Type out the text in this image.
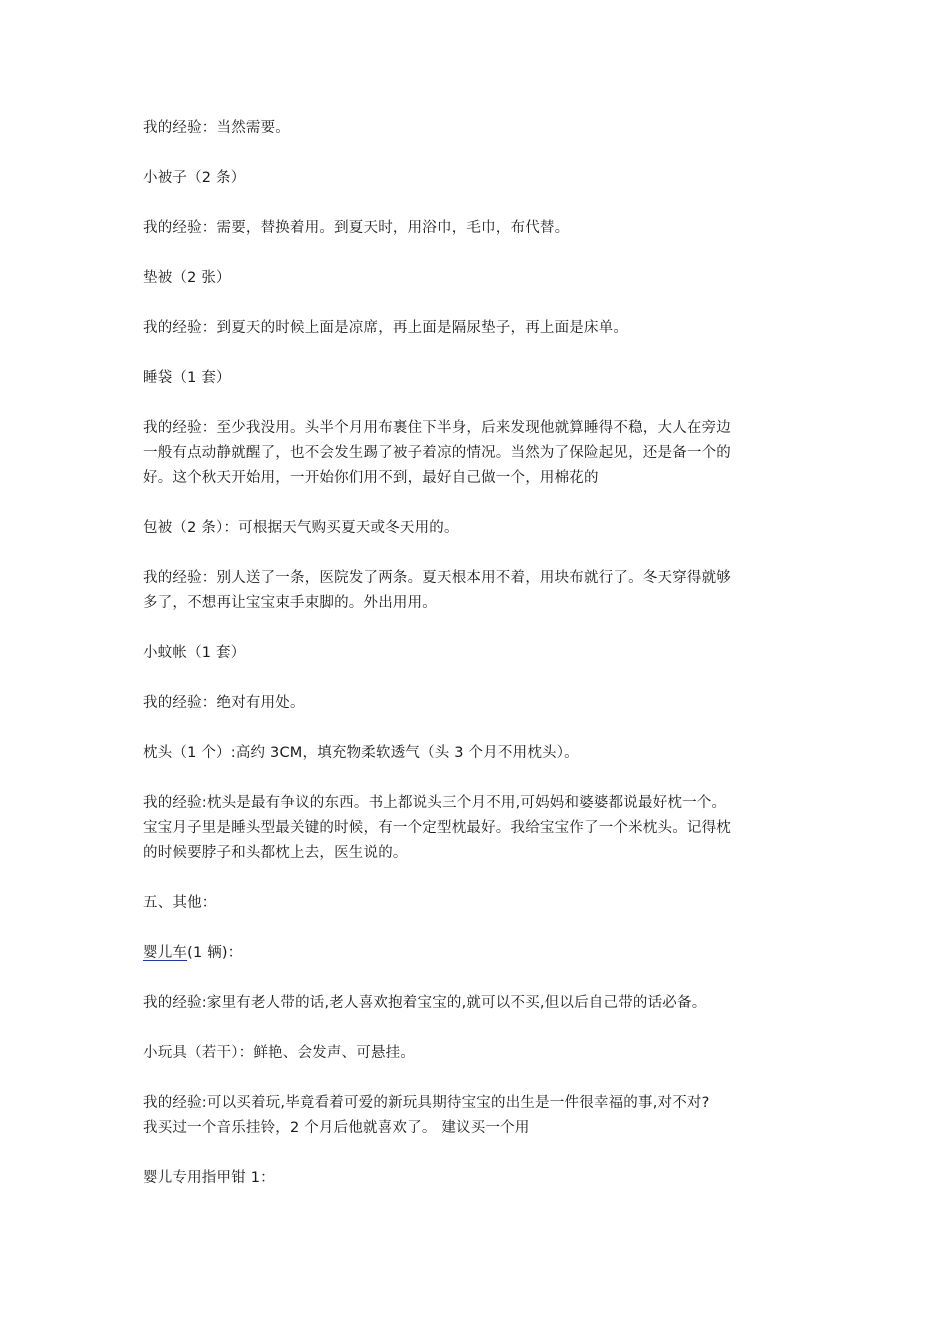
我的经验：当然需要。

小被子（2 条）

我的经验：需要，替换着用。到夏天时，用浴巾，毛巾，布代替。

垫被（2 张）

我的经验：到夏天的时候上面是凉席，再上面是隔尿垫子，再上面是床单。

睡袋（1 套）

我的经验：至少我没用。头半个月用布裹住下半身，后来发现他就算睡得不稳，大人在旁边

一般有点动静就醒了，也不会发生踢了被子着凉的情况。当然为了保险起见，还是备一个的

好。这个秋天开始用，一开始你们用不到，最好自己做一个，用棉花的

包被（2 条）：可根据天气购买夏天或冬天用的。

我的经验：别人送了一条，医院发了两条。夏天根本用不着，用块布就行了。冬天穿得就够

多了，不想再让宝宝束手束脚的。外出用用。

小蚊帐（1 套）

我的经验：绝对有用处。

枕头（1 个）:高约 3CM，填充物柔软透气（头 3 个月不用枕头）。

我的经验:枕头是最有争议的东西。书上都说头三个月不用,可妈妈和婆婆都说最好枕一个。

宝宝月子里是睡头型最关键的时候，有一个定型枕最好。我给宝宝作了一个米枕头。记得枕

的时候要脖子和头都枕上去，医生说的。

五、其他：

婴儿车(1 辆)：

我的经验:家里有老人带的话,老人喜欢抱着宝宝的,就可以不买,但以后自己带的话必备。

小玩具（若干）：鲜艳、会发声、可悬挂。

我的经验:可以买着玩,毕竟看着可爱的新玩具期待宝宝的出生是一件很幸福的事,对不对?

我买过一个音乐挂铃，2 个月后他就喜欢了。 建议买一个用

婴儿专用指甲钳 1：
